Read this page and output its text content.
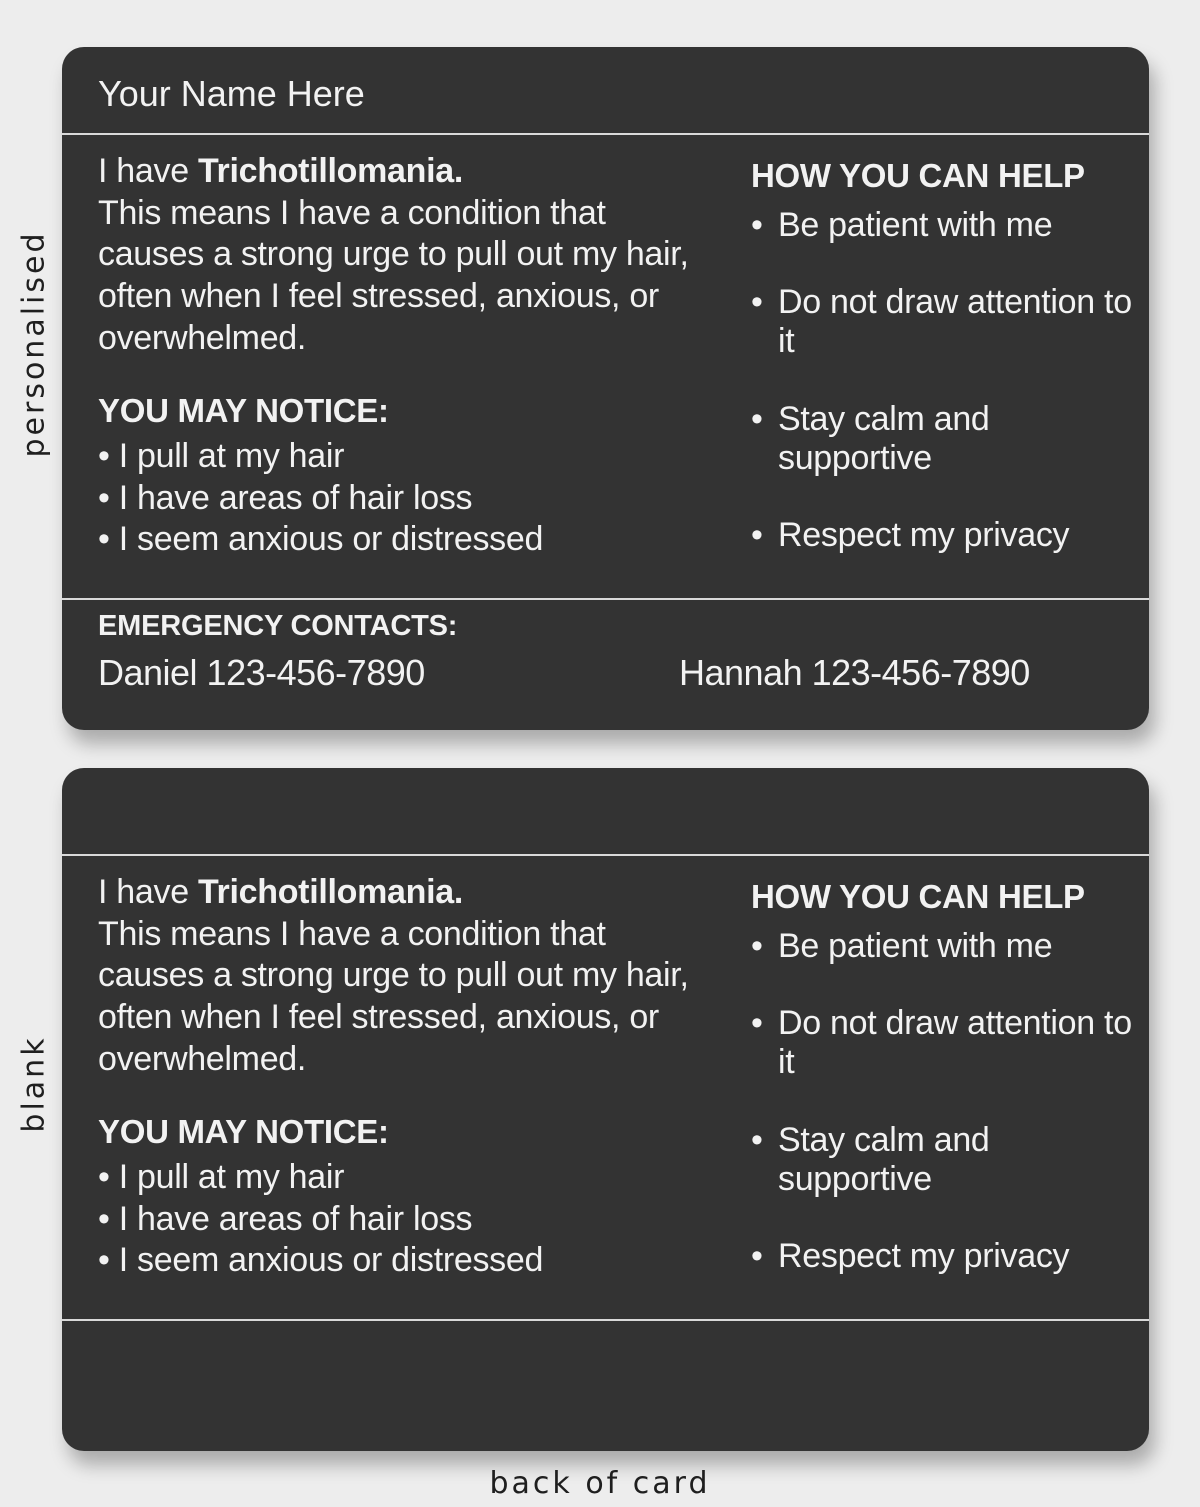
personalised
blank
Your Name Here
I have Trichotillomania.
This means I have a condition that causes a strong urge to pull out my hair, often when I feel stressed, anxious, or overwhelmed.
YOU MAY NOTICE:
• I pull at my hair
• I have areas of hair loss
• I seem anxious or distressed
HOW YOU CAN HELP
• Be patient with me
• Do not draw attention to it
• Stay calm and supportive
• Respect my privacy
EMERGENCY CONTACTS:
Daniel 123-456-7890	Hannah 123-456-7890
I have Trichotillomania.
This means I have a condition that causes a strong urge to pull out my hair, often when I feel stressed, anxious, or overwhelmed.
YOU MAY NOTICE:
• I pull at my hair
• I have areas of hair loss
• I seem anxious or distressed
HOW YOU CAN HELP
• Be patient with me
• Do not draw attention to it
• Stay calm and supportive
• Respect my privacy
back of card
